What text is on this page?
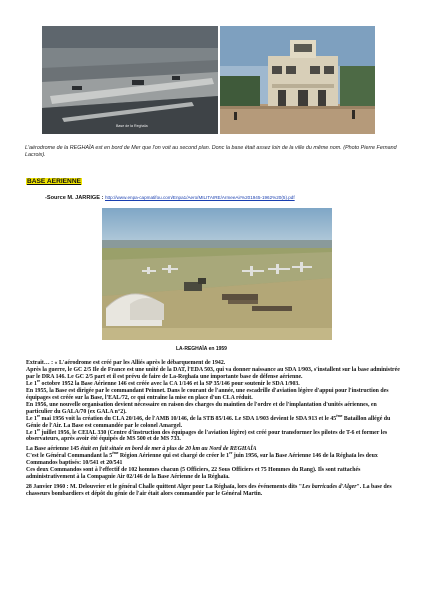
Base de la Reghaïa
L'aérodrome de la REGHAÏA est en bord de Mer que l'on voit au second plan. Donc la base était assez loin de la ville du même nom. (Photo Pierre Fernand Lacroix).
BASE AERIENNE
-Source M. JARRIGE : http://www.enpa-capmatifou.com/Enpa1/Aero/MILITAIRE/ArmeeAir%201945-1962%20(5).pdf
LA-REGHAÏA en 1959

Extrait… : « L'aérodrome est créé par les Alliés après le débarquement de 1942.

Après la guerre, le GC 2/5 Ile de France est une unité de la DAT, l'EDA 503, qui va donner naissance au SDA 1/903, s'installent sur la base administrée par le DRA 146. Le GC 2/5 part et il est prévu de faire de La-Reghaïa une importante base de défense aérienne.

Le 1er octobre 1952 la Base Aérienne 146 est créée avec la CA 1/146 et la SP 35/146 pour soutenir le SDA 1/903.

En 1955, la Base est dirigée par le commandant Peinnet. Dans le courant de l'année, une escadrille d'aviation légère d'appui pour l'instruction des équipages est créée sur la Base, l'EAL/72, ce qui entraîne la mise en place d'un CLA réduit.

En 1956, une nouvelle organisation devient nécessaire en raison des charges du maintien de l'ordre et de l'implantation d'unités aériennes, en particulier du GALA/70 (ex GALA n°2).

Le 1er mai 1956 voit la création du CLA 20/146, de l'AMB 10/146, de la STB 85/146. Le SDA 1/903 devient le SDA 913 et le 45ème Bataillon allégé du Génie de l'Air. La Base est commandée par le colonel Amargel.

Le 1er juillet 1956, le CEIAL 330 (Centre d'instruction des équipages de l'aviation légère) est créé pour transformer les pilotes de T-6 et former les observateurs, après avoir été équipés de MS 500 et de MS 733.

La Base aérienne 145 était en fait située en bord de mer à plus de 20 km au Nord de REGHAÏA

C'est le Général Commandant la 5ème Région Aérienne qui est chargé de créer le 1er juin 1956, sur la Base Aérienne 146 de la Réghaïa les deux Commandos baptisés: 10/541 et 20/541

Ces deux Commandos sont à l'effectif de 102 hommes chacun (5 Officiers, 22 Sous Officiers et 75 Hommes du Rang). Ils sont rattachés administrativement à la Compagnie Air 02/146 de la Base Aérienne de la Réghaïa.

28 Janvier 1960 : M. Delouvrier et le général Challe quittent Alger pour La Réghaïa, lors des événements dits "Les barricades d'Alger". La base des chasseurs bombardiers et dépôt du génie de l'air était alors commandée par le Général Martin.
